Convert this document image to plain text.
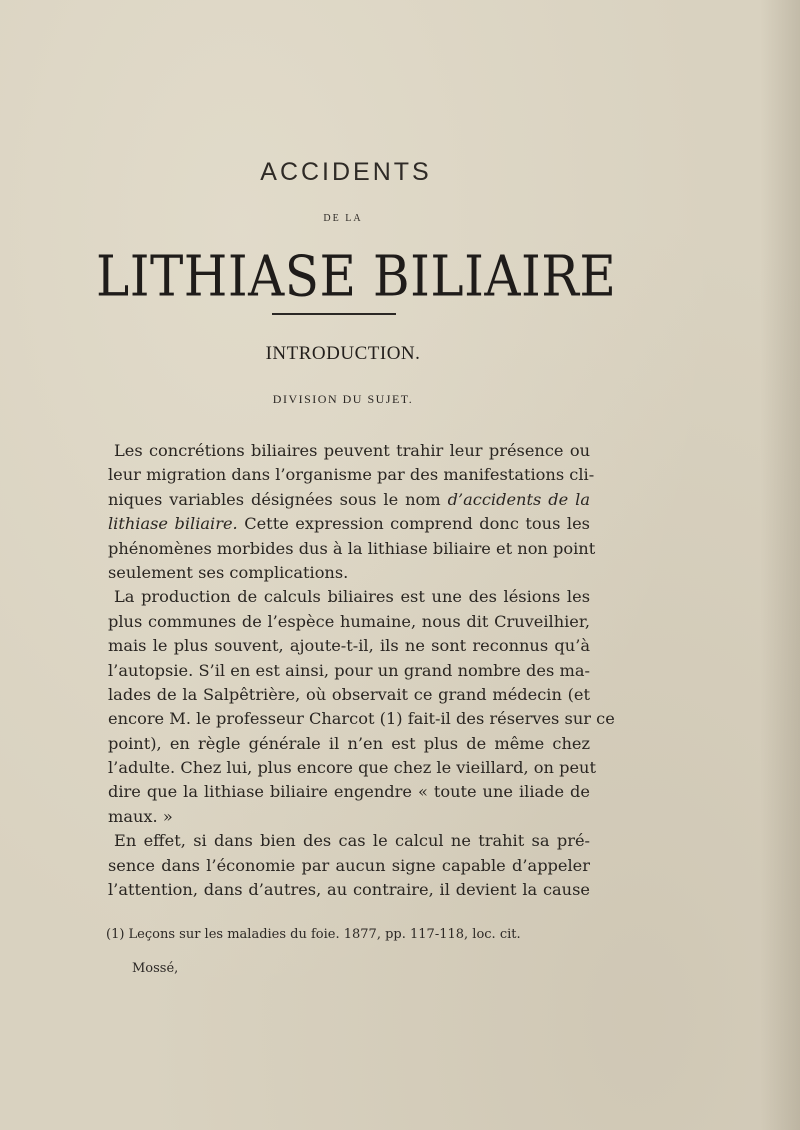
ACCIDENTS
DE LA
LITHIASE BILIAIRE
INTRODUCTION.
DIVISION DU SUJET.
Les concrétions biliaires peuvent trahir leur présence ou
leur migration dans l’organisme par des manifestations cli-
niques variables désignées sous le nom d’accidents de la
lithiase biliaire. Cette expression comprend donc tous les
phénomènes morbides dus à la lithiase biliaire et non point
seulement ses complications.
La production de calculs biliaires est une des lésions les
plus communes de l’espèce humaine, nous dit Cruveilhier,
mais le plus souvent, ajoute-t-il, ils ne sont reconnus qu’à
l’autopsie. S’il en est ainsi, pour un grand nombre des ma-
lades de la Salpêtrière, où observait ce grand médecin (et
encore M. le professeur Charcot (1) fait-il des réserves sur ce
point), en règle générale il n’en est plus de même chez
l’adulte. Chez lui, plus encore que chez le vieillard, on peut
dire que la lithiase biliaire engendre « toute une iliade de
maux. »
En effet, si dans bien des cas le calcul ne trahit sa pré-
sence dans l’économie par aucun signe capable d’appeler
l’attention, dans d’autres, au contraire, il devient la cause
(1) Leçons sur les maladies du foie. 1877, pp. 117-118, loc. cit.
Mossé,
